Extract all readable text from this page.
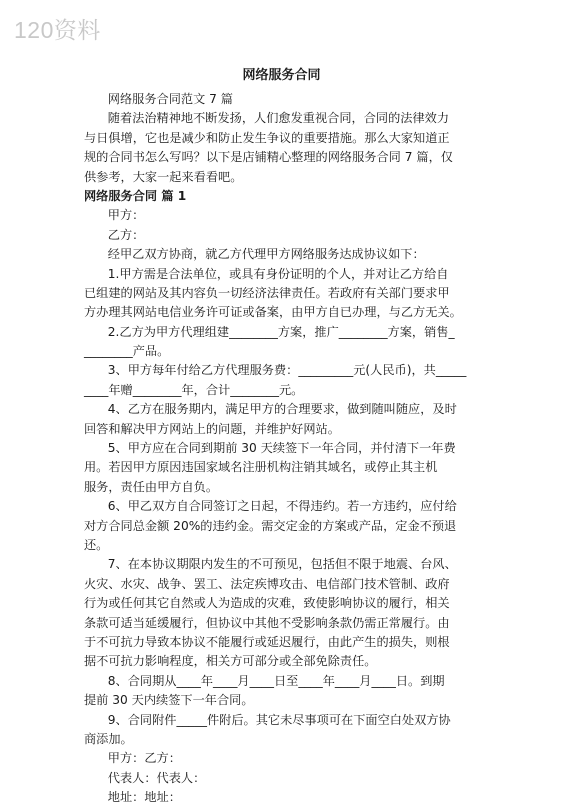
120资料
网络服务合同
网络服务合同范文 7 篇
随着法治精神地不断发扬，人们愈发重视合同，合同的法律效力
与日俱增，它也是减少和防止发生争议的重要措施。那么大家知道正
规的合同书怎么写吗？以下是店铺精心整理的网络服务合同 7 篇，仅
供参考，大家一起来看看吧。
网络服务合同 篇 1
甲方：
乙方：
经甲乙双方协商，就乙方代理甲方网络服务达成协议如下：
1.甲方需是合法单位，或具有身份证明的个人，并对让乙方给自
已组建的网站及其内容负一切经济法律责任。若政府有关部门要求甲
方办理其网站电信业务许可证或备案，由甲方自已办理，与乙方无关。
2.乙方为甲方代理组建________方案，推广________方案，销售_
________产品。
3、甲方每年付给乙方代理服务费：_________元(人民币)，共_____
____年赠________年，合计________元。
4、乙方在服务期内，满足甲方的合理要求，做到随叫随应，及时
回答和解决甲方网站上的问题，并维护好网站。
5、甲方应在合同到期前 30 天续签下一年合同，并付清下一年费
用。若因甲方原因违国家域名注册机构注销其域名，或停止其主机
服务，责任由甲方自负。
6、甲乙双方自合同签订之日起，不得违约。若一方违约，应付给
对方合同总金额 20%的违约金。需交定金的方案或产品，定金不预退
还。
7、在本协议期限内发生的不可预见，包括但不限于地震、台风、
火灾、水灾、战争、罢工、法定疾博攻击、电信部门技术管制、政府
行为或任何其它自然或人为造成的灾难，致使影响协议的履行，相关
条款可适当延缓履行，但协议中其他不受影响条款仍需正常履行。由
于不可抗力导致本协议不能履行或延迟履行，由此产生的损失，则根
据不可抗力影响程度，相关方可部分或全部免除责任。
8、合同期从____年____月____日至____年____月____日。到期
提前 30 天内续签下一年合同。
9、合同附件_____件附后。其它未尽事项可在下面空白处双方协
商添加。
甲方：乙方：
代表人：代表人：
地址：地址：
